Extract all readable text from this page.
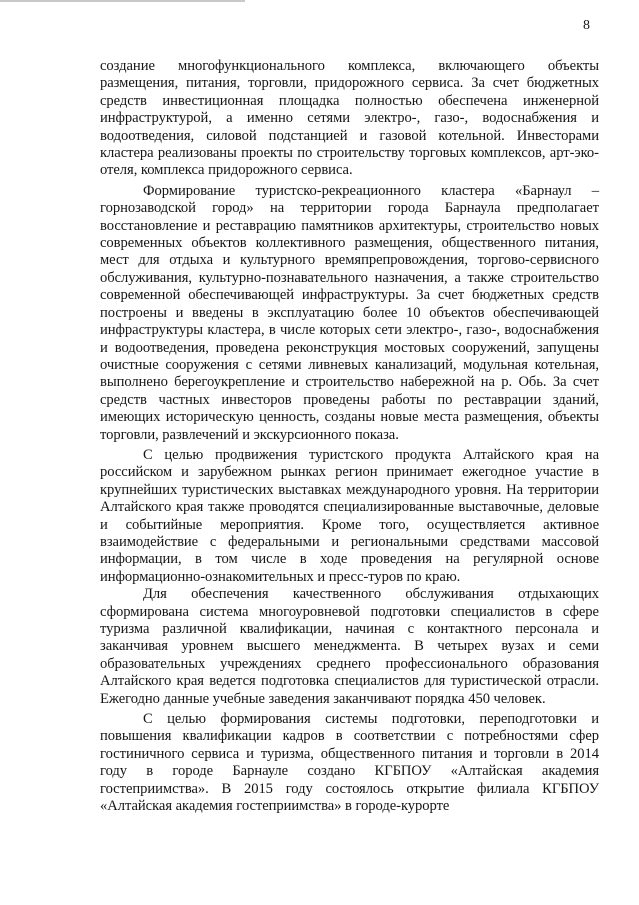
8

создание многофункционального комплекса, включающего объекты размещения, питания, торговли, придорожного сервиса. За счет бюджетных средств инвестиционная площадка полностью обеспечена инженерной инфраструктурой, а именно сетями электро-, газо-, водоснабжения и водоотведения, силовой подстанцией и газовой котельной. Инвесторами кластера реализованы проекты по строительству торговых комплексов, арт-эко-отеля, комплекса придорожного сервиса.

Формирование туристско-рекреационного кластера «Барнаул – горнозаводской город» на территории города Барнаула предполагает восстановление и реставрацию памятников архитектуры, строительство новых современных объектов коллективного размещения, общественного питания, мест для отдыха и культурного времяпрепровождения, торгово-сервисного обслуживания, культурно-познавательного назначения, а также строительство современной обеспечивающей инфраструктуры. За счет бюджетных средств построены и введены в эксплуатацию более 10 объектов обеспечивающей инфраструктуры кластера, в числе которых сети электро-, газо-, водоснабжения и водоотведения, проведена реконструкция мостовых сооружений, запущены очистные сооружения с сетями ливневых канализаций, модульная котельная, выполнено берегоукрепление и строительство набережной на р. Обь. За счет средств частных инвесторов проведены работы по реставрации зданий, имеющих историческую ценность, созданы новые места размещения, объекты торговли, развлечений и экскурсионного показа.

С целью продвижения туристского продукта Алтайского края на российском и зарубежном рынках регион принимает ежегодное участие в крупнейших туристических выставках международного уровня. На территории Алтайского края также проводятся специализированные выставочные, деловые и событийные мероприятия. Кроме того, осуществляется активное взаимодействие с федеральными и региональными средствами массовой информации, в том числе в ходе проведения на регулярной основе информационно-ознакомительных и пресс-туров по краю.

Для обеспечения качественного обслуживания отдыхающих сформирована система многоуровневой подготовки специалистов в сфере туризма различной квалификации, начиная с контактного персонала и заканчивая уровнем высшего менеджмента. В четырех вузах и семи образовательных учреждениях среднего профессионального образования Алтайского края ведется подготовка специалистов для туристической отрасли. Ежегодно данные учебные заведения заканчивают порядка 450 человек.

С целью формирования системы подготовки, переподготовки и повышения квалификации кадров в соответствии с потребностями сфер гостиничного сервиса и туризма, общественного питания и торговли в 2014 году в городе Барнауле создано КГБПОУ «Алтайская академия гостеприимства». В 2015 году состоялось открытие филиала КГБПОУ «Алтайская академия гостеприимства» в городе-курорте
